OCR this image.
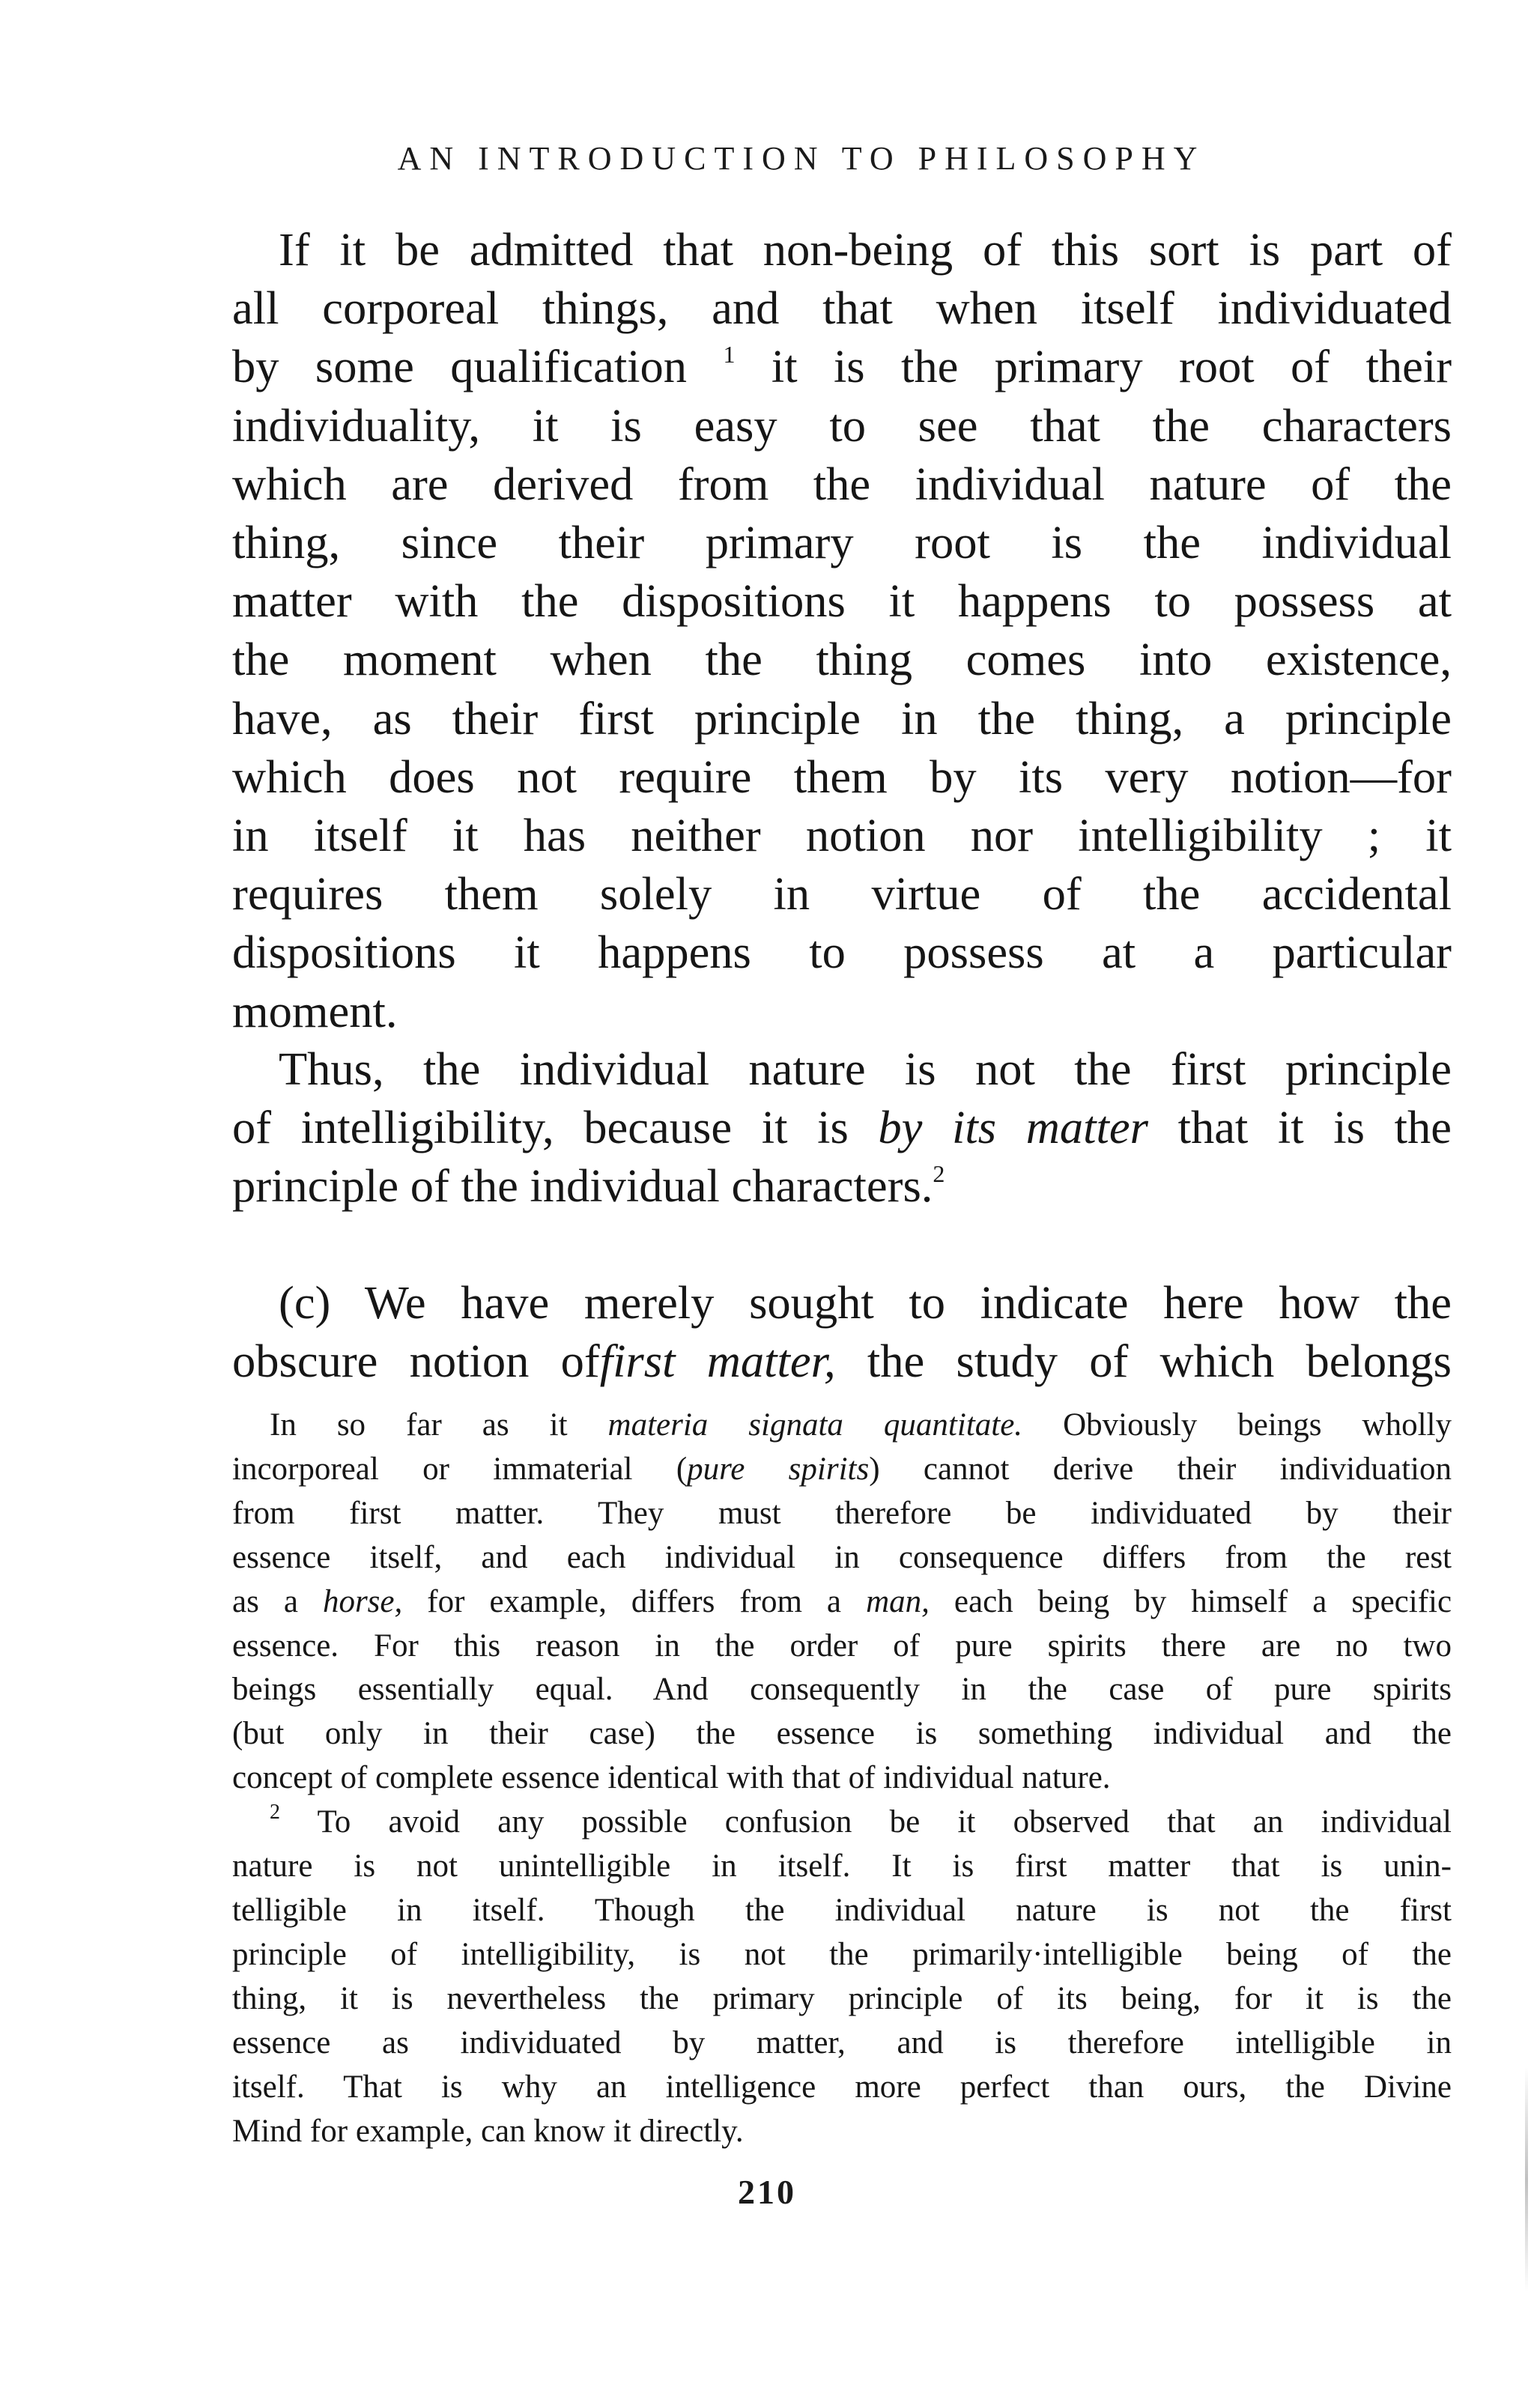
AN INTRODUCTION TO PHILOSOPHY
If it be admitted that non-being of this sort is part of
all corporeal things, and that when itself individuated
by some qualification $^1$ it is the primary root of their
individuality, it is easy to see that the characters
which are derived from the individual nature of the
thing, since their primary root is the individual
matter with the dispositions it happens to possess at
the moment when the thing comes into existence,
have, as their first principle in the thing, a principle
which does not require them by its very notion—for
in itself it has neither notion nor intelligibility ; it
requires them solely in virtue of the accidental
dispositions it happens to possess at a particular
moment.
Thus, the individual nature is not the first principle
of intelligibility, because it is by its matter that it is the
principle of the individual characters.$^2$
(c) We have merely sought to indicate here how the
obscure notion offirst matter, the study of which belongs
In so far as it materia signata quantitate. Obviously beings wholly
incorporeal or immaterial (pure spirits) cannot derive their individuation
from first matter. They must therefore be individuated by their
essence itself, and each individual in consequence differs from the rest
as a horse, for example, differs from a man, each being by himself a specific
essence. For this reason in the order of pure spirits there are no two
beings essentially equal. And consequently in the case of pure spirits
(but only in their case) the essence is something individual and the
concept of complete essence identical with that of individual nature.
$^2$ To avoid any possible confusion be it observed that an individual
nature is not unintelligible in itself. It is first matter that is unin-
telligible in itself. Though the individual nature is not the first
principle of intelligibility, is not the primarily·intelligible being of the
thing, it is nevertheless the primary principle of its being, for it is the
essence as individuated by matter, and is therefore intelligible in
itself. That is why an intelligence more perfect than ours, the Divine
Mind for example, can know it directly.
210
